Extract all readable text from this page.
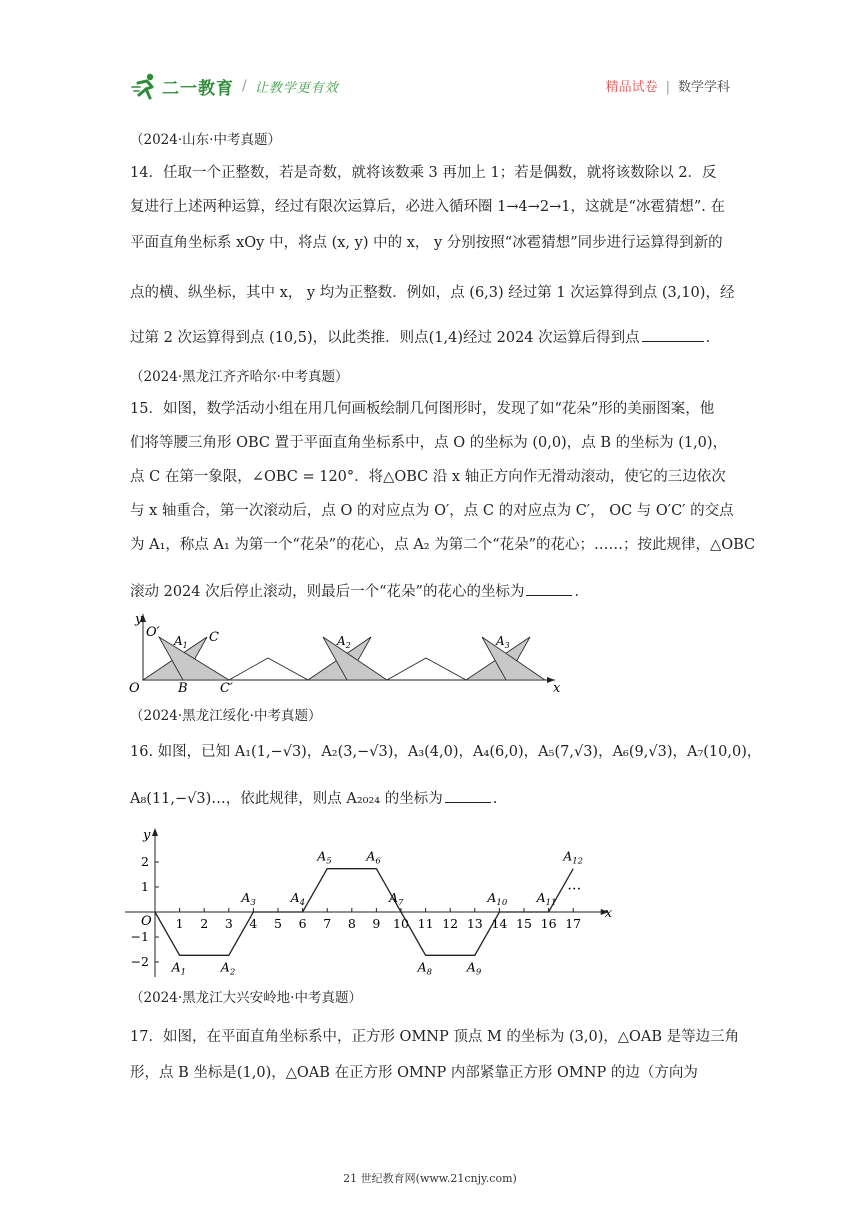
二一教育 / 让教学更有效	精品试卷 | 数学学科
（2024·山东·中考真题）
14．任取一个正整数，若是奇数，就将该数乘 3 再加上 1；若是偶数，就将该数除以 2．反
复进行上述两种运算，经过有限次运算后，必进入循环圈 1→4→2→1，这就是“冰雹猜想”. 在
平面直角坐标系 xOy 中，将点 (x, y) 中的 x， y 分别按照“冰雹猜想”同步进行运算得到新的
点的横、纵坐标，其中 x， y 均为正整数．例如，点 (6,3) 经过第 1 次运算得到点 (3,10)，经
过第 2 次运算得到点 (10,5)，以此类推．则点(1,4)经过 2024 次运算后得到点	．
（2024·黑龙江齐齐哈尔·中考真题）
15．如图，数学活动小组在用几何画板绘制几何图形时，发现了如“花朵”形的美丽图案，他
们将等腰三角形 OBC 置于平面直角坐标系中，点 O 的坐标为 (0,0)，点 B 的坐标为 (1,0)，
点 C 在第一象限，∠OBC = 120°．将△OBC 沿 x 轴正方向作无滑动滚动，使它的三边依次
与 x 轴重合，第一次滚动后，点 O 的对应点为 O′，点 C 的对应点为 C′， OC 与 O′C′ 的交点
为 A₁，称点 A₁ 为第一个“花朵”的花心，点 A₂ 为第二个“花朵”的花心；……；按此规律，△OBC
滚动 2024 次后停止滚动，则最后一个“花朵”的花心的坐标为	．
y
x
O	B C′
O′	C
$A_1$	$A_2$	$A_3$
（2024·黑龙江绥化·中考真题）
16. 如图，已知 A₁(1,−√3)，A₂(3,−√3)，A₃(4,0)，A₄(6,0)，A₅(7,√3)，A₆(9,√3)，A₇(10,0)，
A₈(11,−√3)…，依此规律，则点 A₂₀₂₄ 的坐标为	.
x
y
O 1 2 3 4 5 6 7 8 9 10 11 12 13 14 15 16 17
2
1
−1
−2 $A_1$	$A_2$
$A_3$	$A_4$
$A_5$	$A_6$
$A_7$
$A_8$	$A_9$
$A_{10}$ $A_{11}$
$A_{12}$
…
（2024·黑龙江大兴安岭地·中考真题）
17．如图，在平面直角坐标系中，正方形 OMNP 顶点 M 的坐标为 (3,0)，△OAB 是等边三角
形，点 B 坐标是(1,0)，△OAB 在正方形 OMNP 内部紧靠正方形 OMNP 的边（方向为
21 世纪教育网(www.21cnjy.com)
